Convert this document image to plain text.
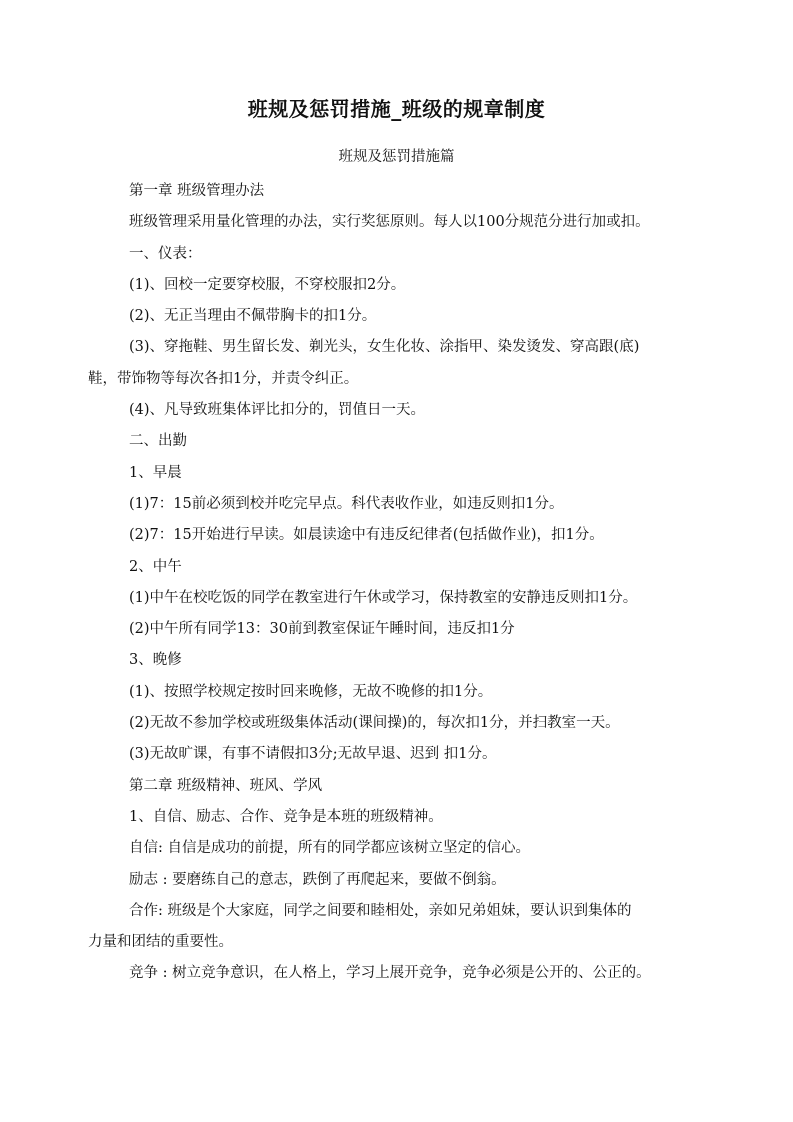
班规及惩罚措施_班级的规章制度
班规及惩罚措施篇

第一章 班级管理办法

班级管理采用量化管理的办法，实行奖惩原则。每人以100分规范分进行加或扣。

一、仪表：

(1)、回校一定要穿校服，不穿校服扣2分。

(2)、无正当理由不佩带胸卡的扣1分。

(3)、穿拖鞋、男生留长发、剃光头，女生化妆、涂指甲、染发烫发、穿高跟(底)

鞋，带饰物等每次各扣1分，并责令纠正。

(4)、凡导致班集体评比扣分的，罚值日一天。

二、出勤

1、早晨

(1)7：15前必须到校并吃完早点。科代表收作业，如违反则扣1分。

(2)7：15开始进行早读。如晨读途中有违反纪律者(包括做作业)，扣1分。

2、中午

(1)中午在校吃饭的同学在教室进行午休或学习，保持教室的安静违反则扣1分。

(2)中午所有同学13：30前到教室保证午睡时间，违反扣1分

3、晚修

(1)、按照学校规定按时回来晚修，无故不晚修的扣1分。

(2)无故不参加学校或班级集体活动(课间操)的，每次扣1分，并扫教室一天。

(3)无故旷课，有事不请假扣3分;无故早退、迟到 扣1分。

第二章 班级精神、班风、学风

1、自信、励志、合作、竞争是本班的班级精神。

自信: 自信是成功的前提，所有的同学都应该树立坚定的信心。

励志 : 要磨练自己的意志，跌倒了再爬起来，要做不倒翁。

合作: 班级是个大家庭，同学之间要和睦相处，亲如兄弟姐妹，要认识到集体的

力量和团结的重要性。

竞争 : 树立竞争意识，在人格上，学习上展开竞争，竞争必须是公开的、公正的。
